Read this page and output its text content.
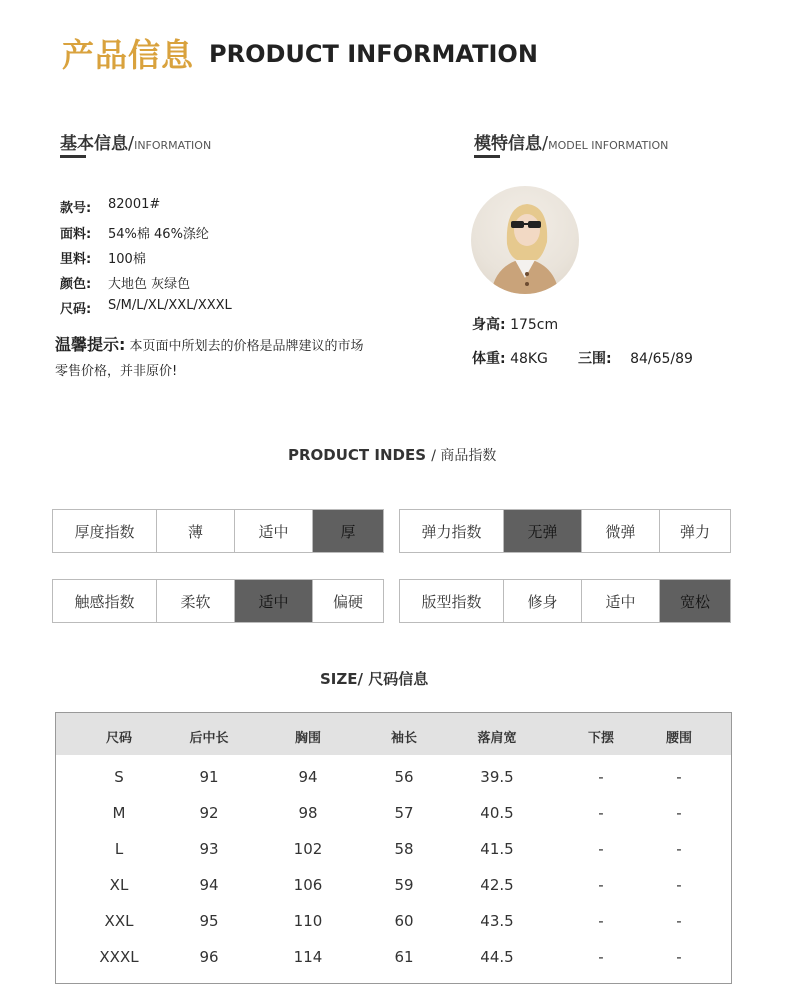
产品信息 PRODUCT INFORMATION
基本信息/INFORMATION
款号:	82001#
面料:	54%棉 46%涤纶
里料:	100棉
颜色:	大地色 灰绿色
尺码:	S/M/L/XL/XXL/XXXL
温馨提示: 本页面中所划去的价格是品牌建议的市场零售价格，并非原价!
模特信息/MODEL INFORMATION
身高: 175cm
体重: 48KG 三围: 84/65/89
PRODUCT INDES / 商品指数
厚度指数	薄	适中	厚	弹力指数	无弹	微弹	弹力
触感指数	柔软	适中	偏硬	版型指数	修身	适中	宽松
SIZE/ 尺码信息
尺码	后中长	胸围	袖长	落肩宽	下摆	腰围
S	91	94	56	39.5	-	-
M	92	98	57	40.5	-	-
L	93	102	58	41.5	-	-
XL	94	106	59	42.5	-	-
XXL	95	110	60	43.5	-	-
XXXL	96	114	61	44.5	-	-
